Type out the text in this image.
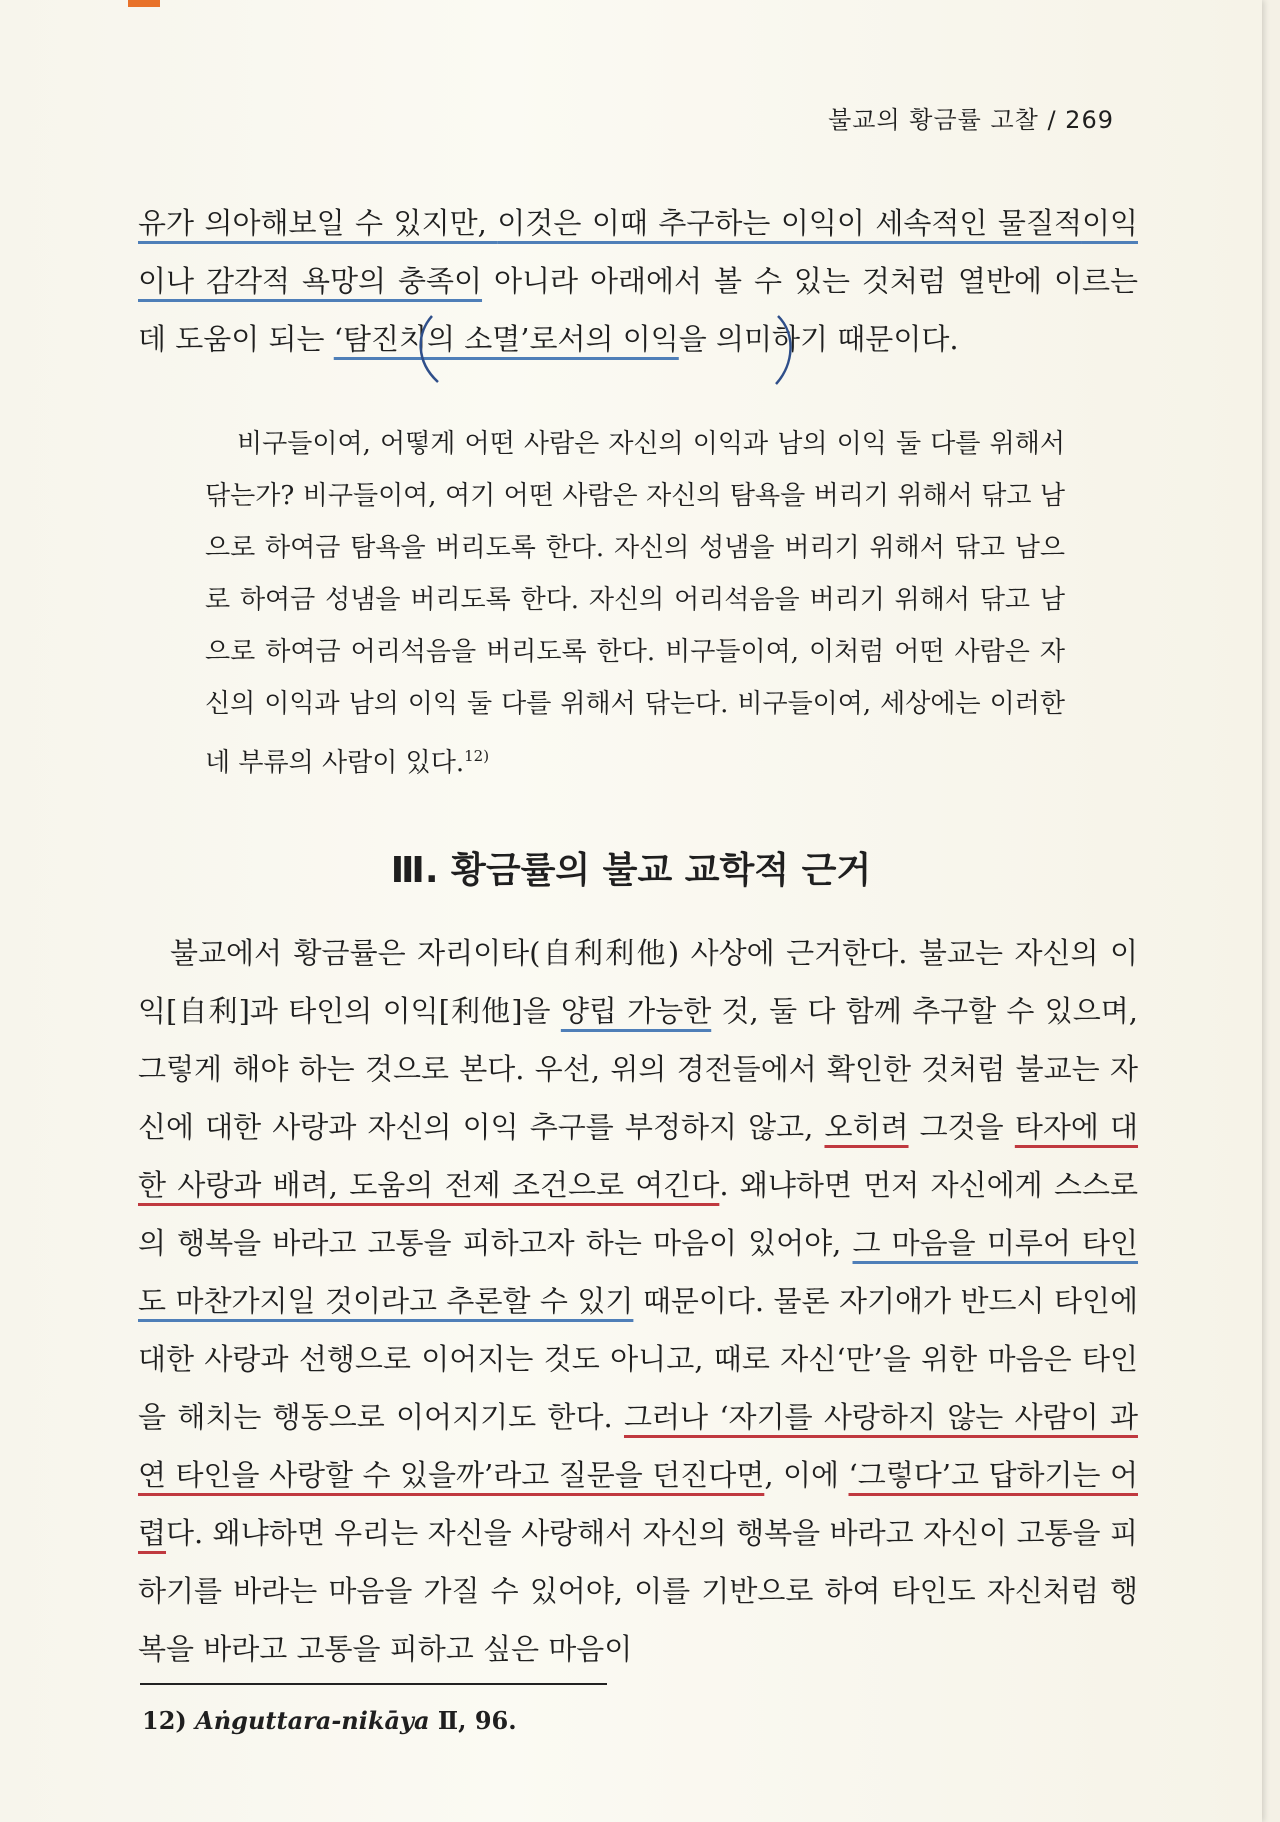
불교의 황금률 고찰 / 269

유가 의아해보일 수 있지만, 이것은 이때 추구하는 이익이 세속적인 물질적이익이나 감각적 욕망의 충족이 아니라 아래에서 볼 수 있는 것처럼 열반에 이르는 데 도움이 되는 ‘탐진치의 소멸’로서의 이익을 의미하기 때문이다.

비구들이여, 어떻게 어떤 사람은 자신의 이익과 남의 이익 둘 다를 위해서 닦는가? 비구들이여, 여기 어떤 사람은 자신의 탐욕을 버리기 위해서 닦고 남으로 하여금 탐욕을 버리도록 한다. 자신의 성냄을 버리기 위해서 닦고 남으로 하여금 성냄을 버리도록 한다. 자신의 어리석음을 버리기 위해서 닦고 남으로 하여금 어리석음을 버리도록 한다. 비구들이여, 이처럼 어떤 사람은 자신의 이익과 남의 이익 둘 다를 위해서 닦는다. 비구들이여, 세상에는 이러한 네 부류의 사람이 있다.$^{12)}$

Ⅲ. 황금률의 불교 교학적 근거

불교에서 황금률은 자리이타(自利利他) 사상에 근거한다. 불교는 자신의 이익[自利]과 타인의 이익[利他]을 양립 가능한 것, 둘 다 함께 추구할 수 있으며, 그렇게 해야 하는 것으로 본다. 우선, 위의 경전들에서 확인한 것처럼 불교는 자신에 대한 사랑과 자신의 이익 추구를 부정하지 않고, 오히려 그것을 타자에 대한 사랑과 배려, 도움의 전제 조건으로 여긴다. 왜냐하면 먼저 자신에게 스스로의 행복을 바라고 고통을 피하고자 하는 마음이 있어야, 그 마음을 미루어 타인도 마찬가지일 것이라고 추론할 수 있기 때문이다. 물론 자기애가 반드시 타인에 대한 사랑과 선행으로 이어지는 것도 아니고, 때로 자신‘만’을 위한 마음은 타인을 해치는 행동으로 이어지기도 한다. 그러나 ‘자기를 사랑하지 않는 사람이 과연 타인을 사랑할 수 있을까’라고 질문을 던진다면, 이에 ‘그렇다’고 답하기는 어렵다. 왜냐하면 우리는 자신을 사랑해서 자신의 행복을 바라고 자신이 고통을 피하기를 바라는 마음을 가질 수 있어야, 이를 기반으로 하여 타인도 자신처럼 행복을 바라고 고통을 피하고 싶은 마음이

12) Aṅguttara-nikāya Ⅱ, 96.
